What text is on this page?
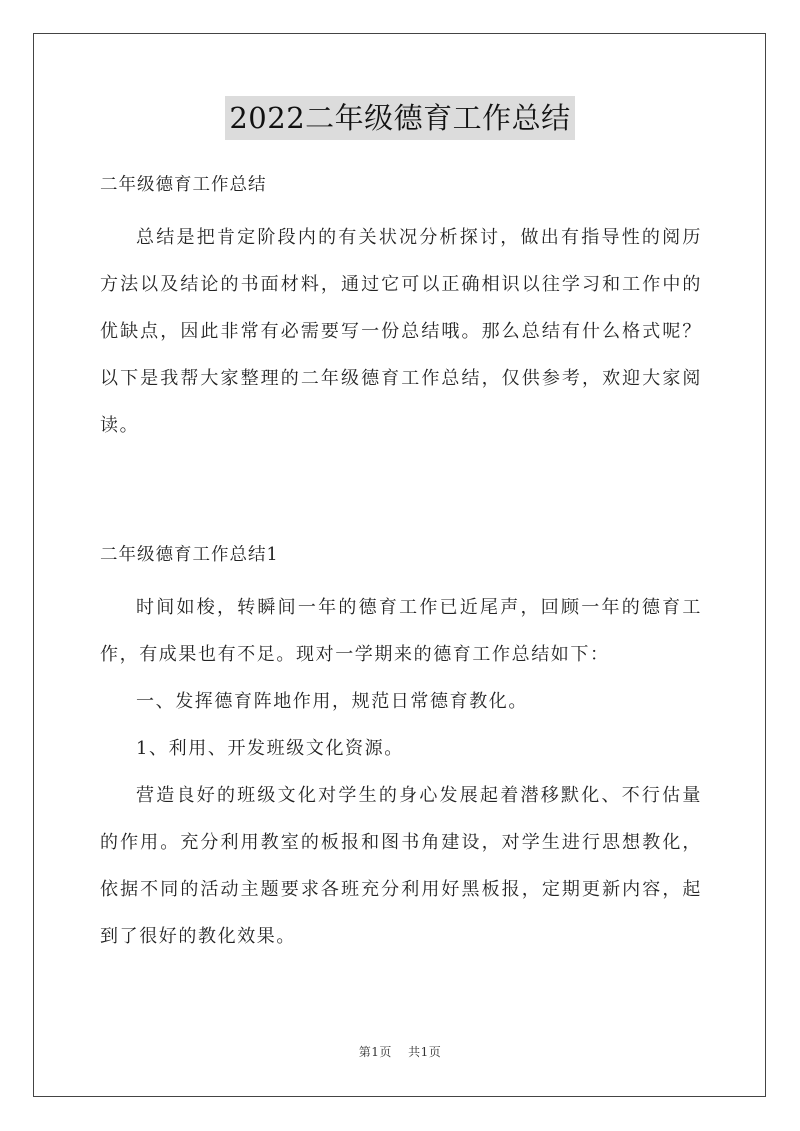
2022二年级德育工作总结
二年级德育工作总结

总结是把肯定阶段内的有关状况分析探讨，做出有指导性的阅历方法以及结论的书面材料，通过它可以正确相识以往学习和工作中的优缺点，因此非常有必需要写一份总结哦。那么总结有什么格式呢？以下是我帮大家整理的二年级德育工作总结，仅供参考，欢迎大家阅读。

二年级德育工作总结1

时间如梭，转瞬间一年的德育工作已近尾声，回顾一年的德育工作，有成果也有不足。现对一学期来的德育工作总结如下：

一、发挥德育阵地作用，规范日常德育教化。

1、利用、开发班级文化资源。

营造良好的班级文化对学生的身心发展起着潜移默化、不行估量的作用。充分利用教室的板报和图书角建设，对学生进行思想教化，依据不同的活动主题要求各班充分利用好黑板报，定期更新内容，起到了很好的教化效果。

第1页 共1页
